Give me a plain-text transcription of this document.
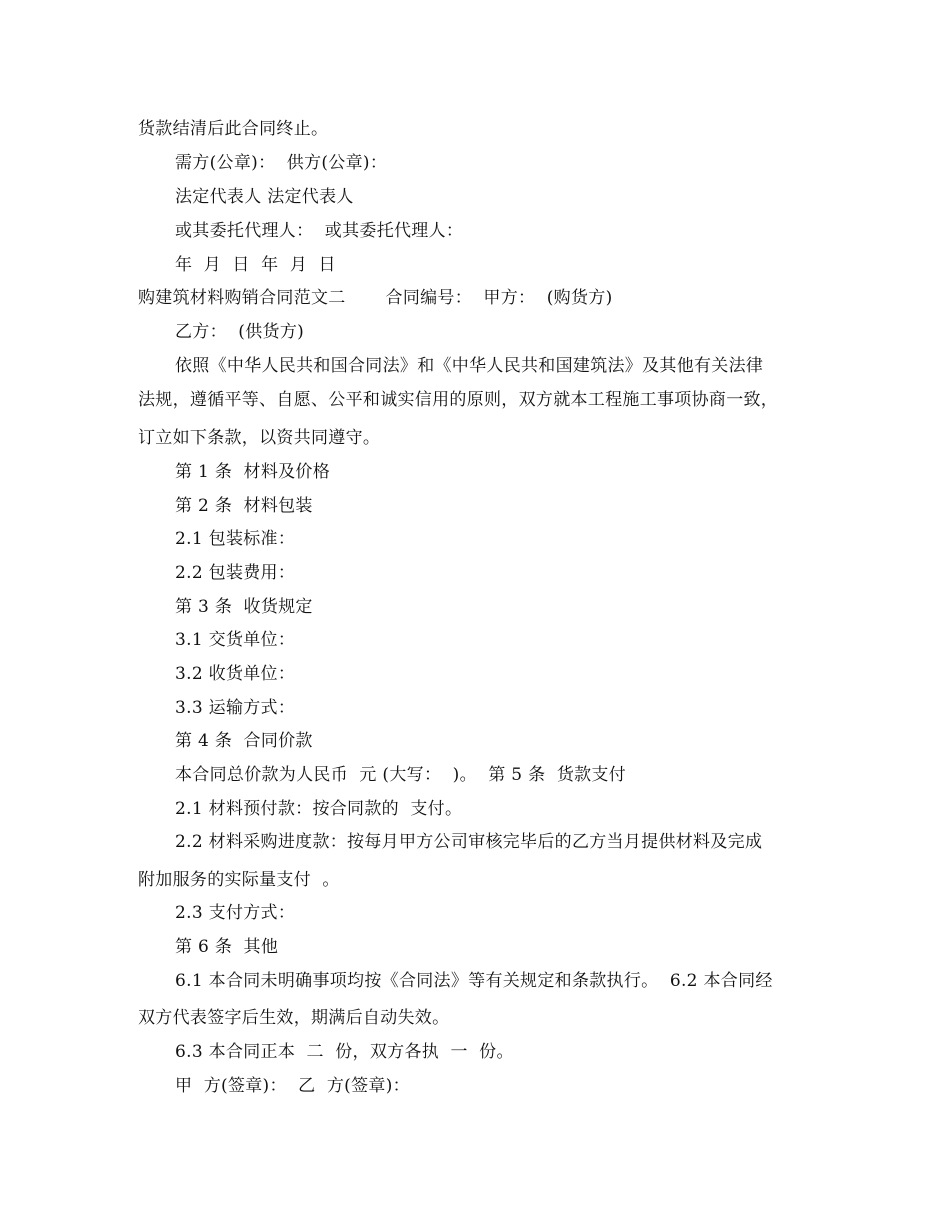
货款结清后此合同终止。
需方(公章)：  供方(公章)：
法定代表人 法定代表人
或其委托代理人：  或其委托代理人：
年  月  日  年  月  日
购建筑材料购销合同范文二       合同编号：  甲方：  (购货方)
乙方：  (供货方)
依照《中华人民共和国合同法》和《中华人民共和国建筑法》及其他有关法律
法规，遵循平等、自愿、公平和诚实信用的原则，双方就本工程施工事项协商一致，
订立如下条款，以资共同遵守。
第 1 条  材料及价格
第 2 条  材料包装
2.1 包装标准：
2.2 包装费用：
第 3 条  收货规定
3.1 交货单位：
3.2 收货单位：
3.3 运输方式：
第 4 条  合同价款
本合同总价款为人民币  元 (大写：  )。  第 5 条  货款支付
2.1 材料预付款：按合同款的  支付。
2.2 材料采购进度款：按每月甲方公司审核完毕后的乙方当月提供材料及完成
附加服务的实际量支付  。
2.3 支付方式：
第 6 条  其他
6.1 本合同未明确事项均按《合同法》等有关规定和条款执行。  6.2 本合同经
双方代表签字后生效，期满后自动失效。
6.3 本合同正本  二  份，双方各执  一  份。
甲  方(签章)：  乙  方(签章)：
